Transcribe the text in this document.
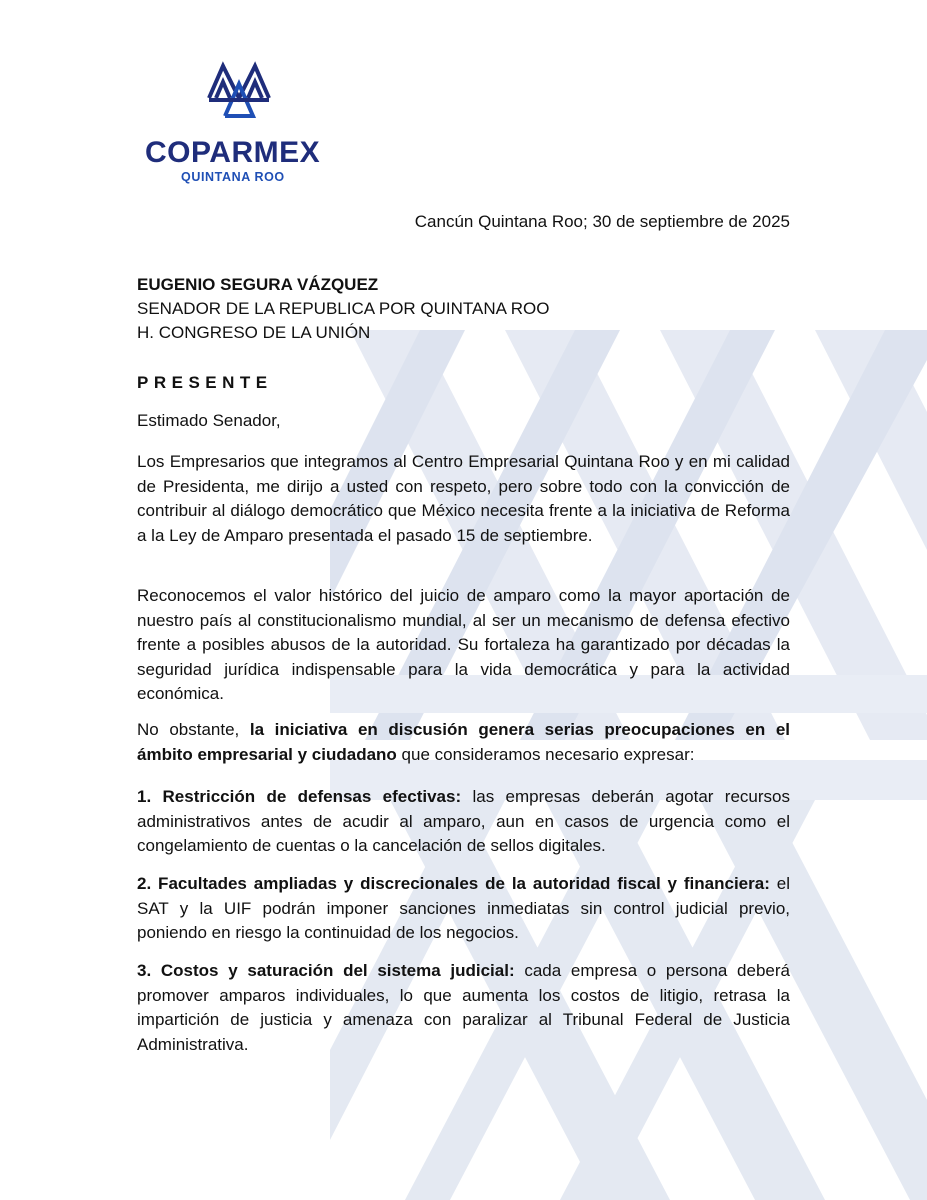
COPARMEX
QUINTANA ROO
Cancún Quintana Roo; 30 de septiembre de 2025
EUGENIO SEGURA VÁZQUEZ
SENADOR DE LA REPUBLICA POR QUINTANA ROO
H. CONGRESO DE LA UNIÓN
PRESENTE
Estimado Senador,
Los Empresarios que integramos al Centro Empresarial Quintana Roo y en mi calidad de Presidenta, me dirijo a usted con respeto, pero sobre todo con la convicción de contribuir al diálogo democrático que México necesita frente a la iniciativa de Reforma a la Ley de Amparo presentada el pasado 15 de septiembre.
Reconocemos el valor histórico del juicio de amparo como la mayor aportación de nuestro país al constitucionalismo mundial, al ser un mecanismo de defensa efectivo frente a posibles abusos de la autoridad. Su fortaleza ha garantizado por décadas la seguridad jurídica indispensable para la vida democrática y para la actividad económica.
No obstante, la iniciativa en discusión genera serias preocupaciones en el ámbito empresarial y ciudadano que consideramos necesario expresar:
1. Restricción de defensas efectivas: las empresas deberán agotar recursos administrativos antes de acudir al amparo, aun en casos de urgencia como el congelamiento de cuentas o la cancelación de sellos digitales.
2. Facultades ampliadas y discrecionales de la autoridad fiscal y financiera: el SAT y la UIF podrán imponer sanciones inmediatas sin control judicial previo, poniendo en riesgo la continuidad de los negocios.
3. Costos y saturación del sistema judicial: cada empresa o persona deberá promover amparos individuales, lo que aumenta los costos de litigio, retrasa la impartición de justicia y amenaza con paralizar al Tribunal Federal de Justicia Administrativa.
